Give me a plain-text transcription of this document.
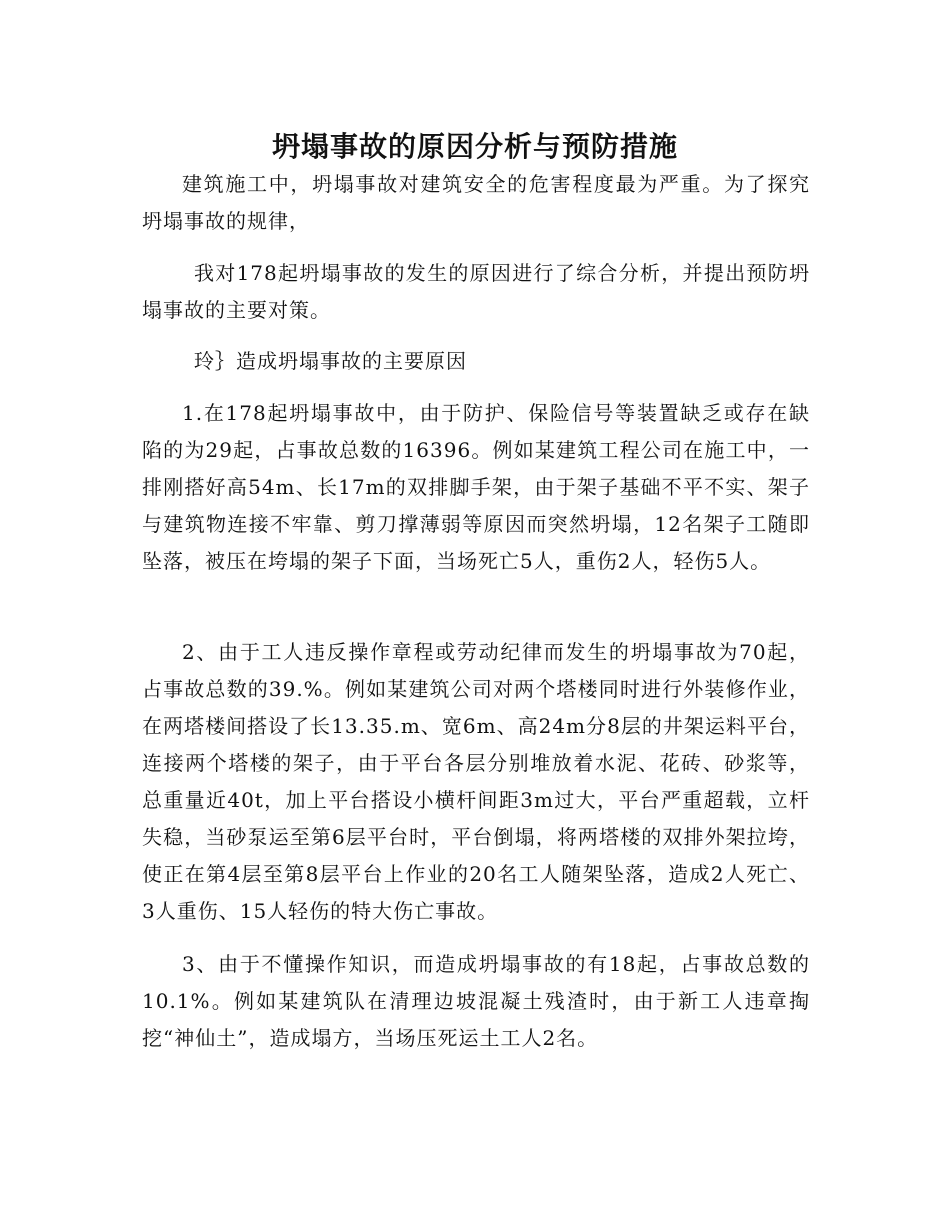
坍塌事故的原因分析与预防措施

建筑施工中，坍塌事故对建筑安全的危害程度最为严重。为了探究坍塌事故的规律，

我对178起坍塌事故的发生的原因进行了综合分析，并提出预防坍塌事故的主要对策。

玲｝造成坍塌事故的主要原因

1.在178起坍塌事故中，由于防护、保险信号等装置缺乏或存在缺陷的为29起，占事故总数的16396。例如某建筑工程公司在施工中，一排刚搭好高54m、长17m的双排脚手架，由于架子基础不平不实、架子与建筑物连接不牢靠、剪刀撑薄弱等原因而突然坍塌，12名架子工随即坠落，被压在垮塌的架子下面，当场死亡5人，重伤2人，轻伤5人。

2、由于工人违反操作章程或劳动纪律而发生的坍塌事故为70起，占事故总数的39.%。例如某建筑公司对两个塔楼同时进行外装修作业，在两塔楼间搭设了长13.35.m、宽6m、高24m分8层的井架运料平台，连接两个塔楼的架子，由于平台各层分别堆放着水泥、花砖、砂浆等，总重量近40t，加上平台搭设小横杆间距3m过大，平台严重超载，立杆失稳，当砂泵运至第6层平台时，平台倒塌，将两塔楼的双排外架拉垮，使正在第4层至第8层平台上作业的20名工人随架坠落，造成2人死亡、3人重伤、15人轻伤的特大伤亡事故。

3、由于不懂操作知识，而造成坍塌事故的有18起，占事故总数的10.1%。例如某建筑队在清理边坡混凝土残渣时，由于新工人违章掏挖“神仙土”，造成塌方，当场压死运土工人2名。
